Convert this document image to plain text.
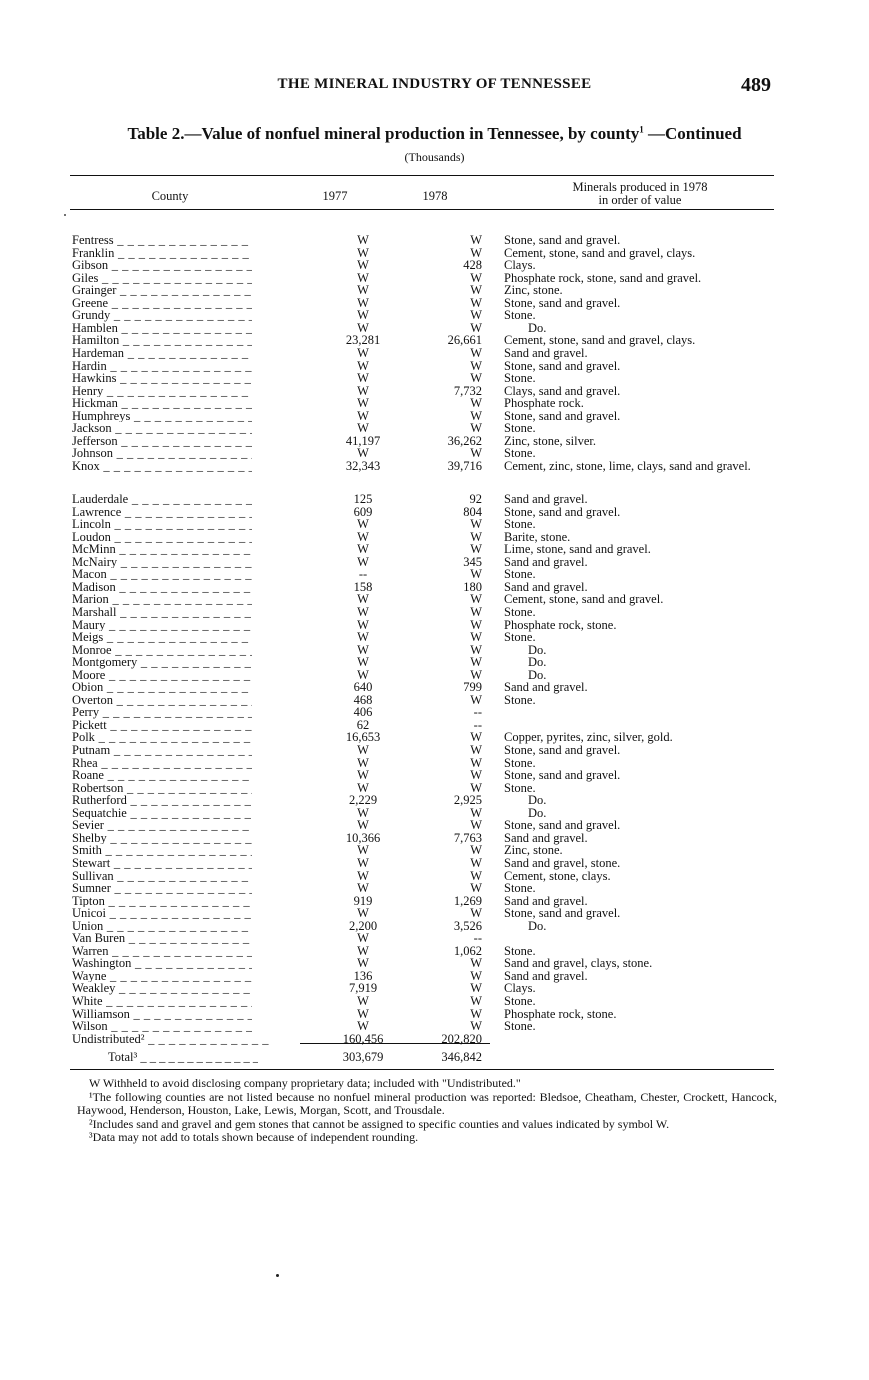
THE MINERAL INDUSTRY OF TENNESSEE	489
Table 2.—Value of nonfuel mineral production in Tennessee, by county$^1$ —Continued
(Thousands)
County	1977	1978
Minerals produced in 1978
in order of value
Fentress _ _ _	W	W Stone, sand and gravel.
Franklin _ _ _	W	W Cement, stone, sand and gravel, clays.
Gibson _ _ _	W	428 Clays.
Giles _ _ _	W	W Phosphate rock, stone, sand and gravel.
Grainger _ _ _	W	W Zinc, stone.
Greene _ _ _	W	W Stone, sand and gravel.
Grundy _ _ _	W	W Stone.
Hamblen _ _ _	W	W	Do.
Hamilton _ _ _	23,281	26,661 Cement, stone, sand and gravel, clays.
Hardeman _ _ _	W	W Sand and gravel.
Hardin _ _ _	W	W Stone, sand and gravel.
Hawkins _ _ _	W	W Stone.
Henry _ _ _	W	7,732 Clays, sand and gravel.
Hickman _ _ _	W	W Phosphate rock.
Humphreys _ _ _	W	W Stone, sand and gravel.
Jackson _ _ _	W	W Stone.
Jefferson _ _ _	41,197	36,262 Zinc, stone, silver.
Johnson _ _ _	W	W Stone.
Knox _ _ _	32,343	39,716 Cement, zinc, stone, lime, clays, sand and gravel.
Lauderdale _ _ _	125	92 Sand and gravel.
Lawrence _ _ _	609	804 Stone, sand and gravel.
Lincoln _ _ _	W	W Stone.
Loudon _ _ _	W	W Barite, stone.
McMinn _ _ _	W	W Lime, stone, sand and gravel.
McNairy _ _ _	W	345 Sand and gravel.
Macon _ _ _	--	W Stone.
Madison _ _ _	158	180 Sand and gravel.
Marion _ _ _	W	W Cement, stone, sand and gravel.
Marshall _ _ _	W	W Stone.
Maury _ _ _	W	W Phosphate rock, stone.
Meigs _ _ _	W	W Stone.
Monroe _ _ _	W	W	Do.
Montgomery _ _ _	W	W	Do.
Moore _ _ _	W	W	Do.
Obion _ _ _	640	799 Sand and gravel.
Overton _ _ _	468	W Stone.
Perry _ _ _	406	--
Pickett _ _ _	62	--
Polk _ _ _	16,653	W Copper, pyrites, zinc, silver, gold.
Putnam _ _ _	W	W Stone, sand and gravel.
Rhea _ _ _	W	W Stone.
Roane _ _ _	W	W Stone, sand and gravel.
Robertson _ _ _	W	W Stone.
Rutherford _ _ _	2,229	2,925	Do.
Sequatchie _ _ _	W	W	Do.
Sevier _ _ _	W	W Stone, sand and gravel.
Shelby _ _ _	10,366	7,763 Sand and gravel.
Smith _ _ _	W	W Zinc, stone.
Stewart _ _ _	W	W Sand and gravel, stone.
Sullivan _ _ _	W	W Cement, stone, clays.
Sumner _ _ _	W	W Stone.
Tipton _ _ _	919	1,269 Sand and gravel.
Unicoi _ _ _	W	W Stone, sand and gravel.
Union _ _ _	2,200	3,526	Do.
Van Buren _ _ _	W	--
Warren _ _ _	W	1,062 Stone.
Washington _ _ _	W	W Sand and gravel, clays, stone.
Wayne _ _ _	136	W Sand and gravel.
Weakley _ _ _	7,919	W Clays.
White _ _ _	W	W Stone.
Williamson _ _ _	W	W Phosphate rock, stone.
Wilson _ _ _	W	W Stone.
Undistributed² _ _ _	160,456	202,820
Total³ _ _ _	303,679	346,842

W Withheld to avoid disclosing company proprietary data; included with "Undistributed."

¹The following counties are not listed because no nonfuel mineral production was reported: Bledsoe, Cheatham, Chester, Crockett, Hancock, Haywood, Henderson, Houston, Lake, Lewis, Morgan, Scott, and Trousdale.

²Includes sand and gravel and gem stones that cannot be assigned to specific counties and values indicated by symbol W.

³Data may not add to totals shown because of independent rounding.
